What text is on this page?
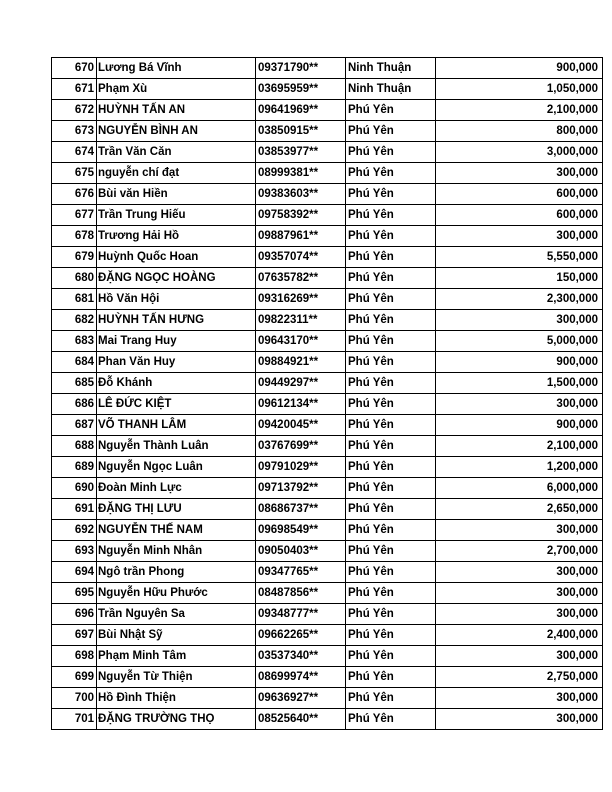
670	Lương Bá Vĩnh	09371790**	Ninh Thuận	900,000
671	Phạm Xù	03695959**	Ninh Thuận	1,050,000
672	HUỲNH TẤN AN	09641969**	Phú Yên	2,100,000
673	NGUYỄN BÌNH AN	03850915**	Phú Yên	800,000
674	Trần Văn Căn	03853977**	Phú Yên	3,000,000
675	nguyễn chí đạt	08999381**	Phú Yên	300,000
676	Bùi văn Hiền	09383603**	Phú Yên	600,000
677	Trần Trung Hiếu	09758392**	Phú Yên	600,000
678	Trương Hải Hồ	09887961**	Phú Yên	300,000
679	Huỳnh Quốc Hoan	09357074**	Phú Yên	5,550,000
680	ĐẶNG NGỌC HOÀNG	07635782**	Phú Yên	150,000
681	Hồ Văn Hội	09316269**	Phú Yên	2,300,000
682	HUỲNH TẤN HƯNG	09822311**	Phú Yên	300,000
683	Mai Trang Huy	09643170**	Phú Yên	5,000,000
684	Phan Văn Huy	09884921**	Phú Yên	900,000
685	Đỗ Khánh	09449297**	Phú Yên	1,500,000
686	LÊ ĐỨC KIỆT	09612134**	Phú Yên	300,000
687	VÕ THANH LÂM	09420045**	Phú Yên	900,000
688	Nguyễn Thành Luân	03767699**	Phú Yên	2,100,000
689	Nguyễn Ngọc Luân	09791029**	Phú Yên	1,200,000
690	Đoàn Minh Lực	09713792**	Phú Yên	6,000,000
691	ĐẶNG THỊ LƯU	08686737**	Phú Yên	2,650,000
692	NGUYỄN THẾ NAM	09698549**	Phú Yên	300,000
693	Nguyễn Minh Nhân	09050403**	Phú Yên	2,700,000
694	Ngô trần Phong	09347765**	Phú Yên	300,000
695	Nguyễn Hữu Phước	08487856**	Phú Yên	300,000
696	Trần Nguyên Sa	09348777**	Phú Yên	300,000
697	Bùi Nhật Sỹ	09662265**	Phú Yên	2,400,000
698	Phạm Minh Tâm	03537340**	Phú Yên	300,000
699	Nguyễn Từ Thiện	08699974**	Phú Yên	2,750,000
700	Hồ Đình Thiện	09636927**	Phú Yên	300,000
701	ĐẶNG TRƯỜNG THỌ	08525640**	Phú Yên	300,000
